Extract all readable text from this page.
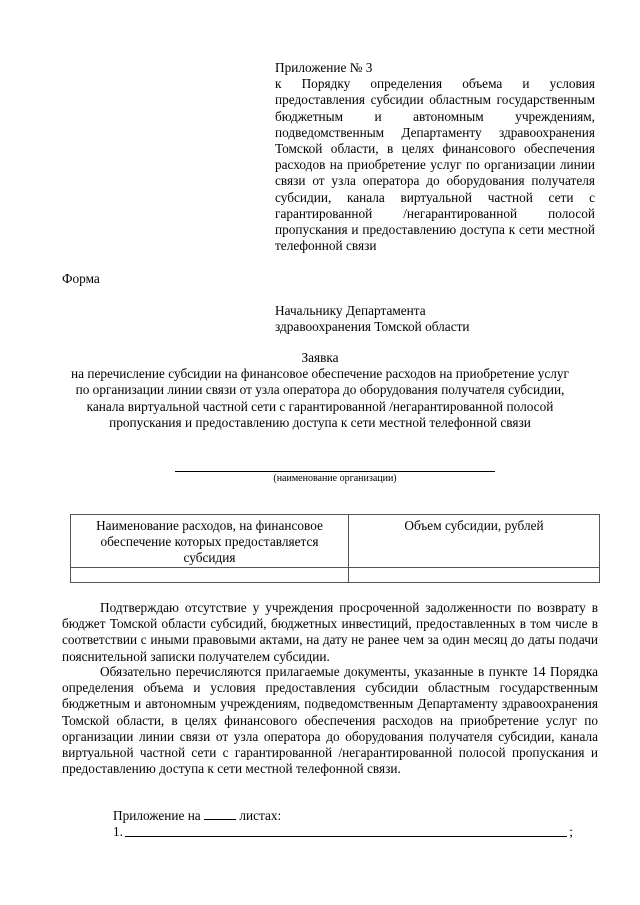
Приложение № 3
к Порядку определения объема и условия предоставления субсидии областным государственным бюджетным и автономным учреждениям, подведомственным Департаменту здравоохранения Томской области, в целях финансового обеспечения расходов на приобретение услуг по организации линии связи от узла оператора до оборудования получателя субсидии, канала виртуальной частной сети с гарантированной /негарантированной полосой пропускания и предоставлению доступа к сети местной телефонной связи
Форма
Начальнику Департамента
здравоохранения Томской области
Заявка
на перечисление субсидии на финансовое обеспечение расходов на приобретение услуг
по организации линии связи от узла оператора до оборудования получателя субсидии,
канала виртуальной частной сети с гарантированной /негарантированной полосой
пропускания и предоставлению доступа к сети местной телефонной связи
(наименование организации)
Наименование расходов, на финансовое обеспечение которых предоставляется субсидия	Объем субсидии, рублей

Подтверждаю отсутствие у учреждения просроченной задолженности по возврату в бюджет Томской области субсидий, бюджетных инвестиций, предоставленных в том числе в соответствии с иными правовыми актами, на дату не ранее чем за один месяц до даты подачи пояснительной записки получателем субсидии.
Обязательно перечисляются прилагаемые документы, указанные в пункте 14 Порядка определения объема и условия предоставления субсидии областным государственным бюджетным и автономным учреждениям, подведомственным Департаменту здравоохранения Томской области, в целях финансового обеспечения расходов на приобретение услуг по организации линии связи от узла оператора до оборудования получателя субсидии, канала виртуальной частной сети с гарантированной /негарантированной полосой пропускания и предоставлению доступа к сети местной телефонной связи.
Приложение на	листах:
1.	;
